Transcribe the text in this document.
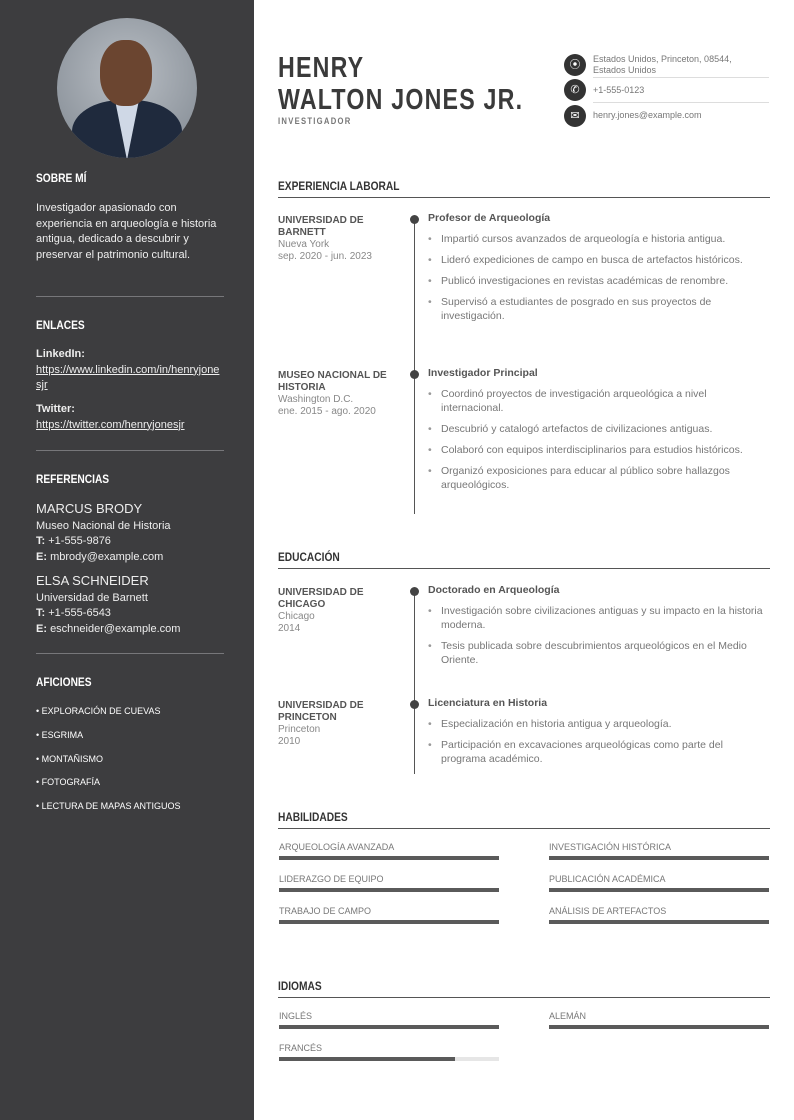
SOBRE MÍ
Investigador apasionado con experiencia en arqueología e historia antigua, dedicado a descubrir y preservar el patrimonio cultural.
ENLACES
LinkedIn:
https://www.linkedin.com/in/henryjonesjr
Twitter:
https://twitter.com/henryjonesjr
REFERENCIAS
MARCUS BRODY
Museo Nacional de Historia
T: +1-555-9876
E: mbrody@example.com
ELSA SCHNEIDER
Universidad de Barnett
T: +1-555-6543
E: eschneider@example.com
AFICIONES
• EXPLORACIÓN DE CUEVAS
• ESGRIMA
• MONTAÑISMO
• FOTOGRAFÍA
• LECTURA DE MAPAS ANTIGUOS
HENRY
WALTON JONES JR.
INVESTIGADOR
⦿	Estados Unidos, Princeton, 08544, Estados Unidos
✆	+1-555-0123
✉	henry.jones@example.com
EXPERIENCIA LABORAL
UNIVERSIDAD DE BARNETT
Nueva York
sep. 2020 - jun. 2023
Profesor de Arqueología
• Impartió cursos avanzados de arqueología e historia antigua.
• Lideró expediciones de campo en busca de artefactos históricos.
• Publicó investigaciones en revistas académicas de renombre.
• Supervisó a estudiantes de posgrado en sus proyectos de investigación.
MUSEO NACIONAL DE HISTORIA
Washington D.C.
ene. 2015 - ago. 2020
Investigador Principal
• Coordinó proyectos de investigación arqueológica a nivel internacional.
• Descubrió y catalogó artefactos de civilizaciones antiguas.
• Colaboró con equipos interdisciplinarios para estudios históricos.
• Organizó exposiciones para educar al público sobre hallazgos arqueológicos.
EDUCACIÓN
UNIVERSIDAD DE CHICAGO
Chicago
2014
Doctorado en Arqueología
• Investigación sobre civilizaciones antiguas y su impacto en la historia moderna.
• Tesis publicada sobre descubrimientos arqueológicos en el Medio Oriente.
UNIVERSIDAD DE PRINCETON
Princeton
2010
Licenciatura en Historia
• Especialización en historia antigua y arqueología.
• Participación en excavaciones arqueológicas como parte del programa académico.
HABILIDADES
ARQUEOLOGÍA AVANZADA	INVESTIGACIÓN HISTÓRICA
LIDERAZGO DE EQUIPO	PUBLICACIÓN ACADÉMICA
TRABAJO DE CAMPO	ANÁLISIS DE ARTEFACTOS
IDIOMAS
INGLÉS	ALEMÁN
FRANCÉS
